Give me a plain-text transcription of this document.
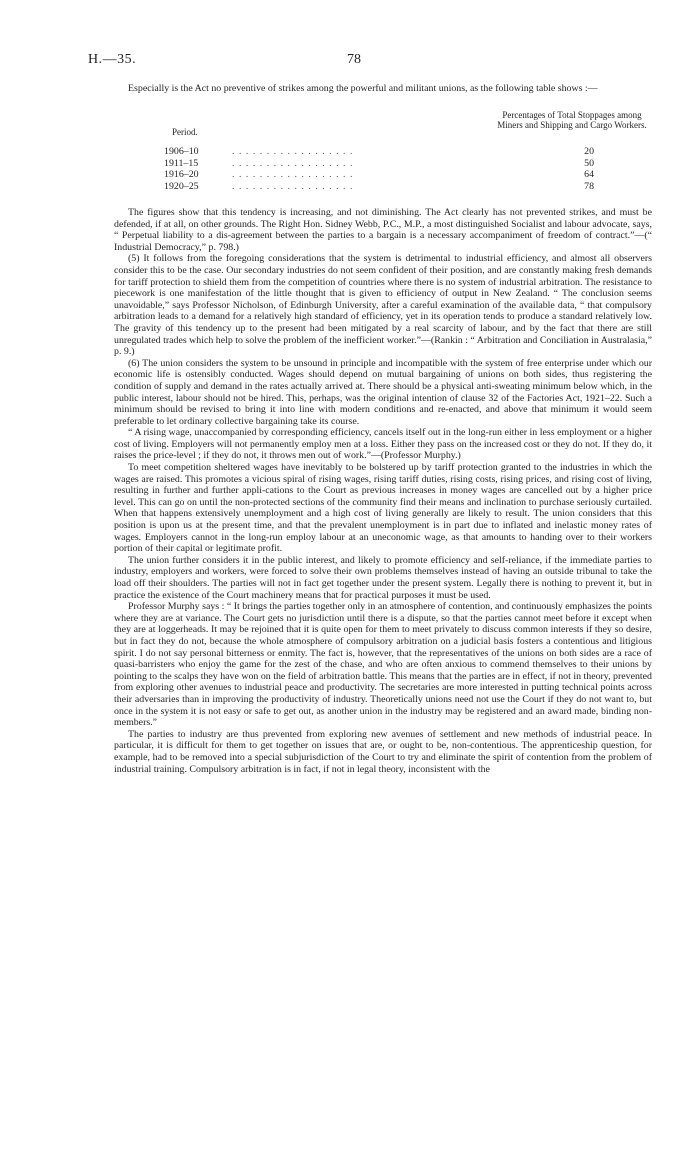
H.—35.	78

Especially is the Act no preventive of strikes among the powerful and militant unions, as the following table shows :—

Period.
Percentages of Total Stoppages among Miners and Shipping and Cargo Workers.
1906–10	. . . . . . . . . . . . . . . . . .	20
1911–15	. . . . . . . . . . . . . . . . . .	50
1916–20	. . . . . . . . . . . . . . . . . .	64
1920–25	. . . . . . . . . . . . . . . . . .	78

The figures show that this tendency is increasing, and not diminishing. The Act clearly has not prevented strikes, and must be defended, if at all, on other grounds. The Right Hon. Sidney Webb, P.C., M.P., a most distinguished Socialist and labour advocate, says, “ Perpetual liability to a dis-agreement between the parties to a bargain is a necessary accompaniment of freedom of contract.”—(“ Industrial Democracy,” p. 798.)

(5) It follows from the foregoing considerations that the system is detrimental to industrial efficiency, and almost all observers consider this to be the case. Our secondary industries do not seem confident of their position, and are constantly making fresh demands for tariff protection to shield them from the competition of countries where there is no system of industrial arbitration. The resistance to piecework is one manifestation of the little thought that is given to efficiency of output in New Zealand. “ The conclusion seems unavoidable,” says Professor Nicholson, of Edinburgh University, after a careful examination of the available data, “ that compulsory arbitration leads to a demand for a relatively high standard of efficiency, yet in its operation tends to produce a standard relatively low. The gravity of this tendency up to the present had been mitigated by a real scarcity of labour, and by the fact that there are still unregulated trades which help to solve the problem of the inefficient worker.”—(Rankin : “ Arbitration and Conciliation in Australasia,” p. 9.)

(6) The union considers the system to be unsound in principle and incompatible with the system of free enterprise under which our economic life is ostensibly conducted. Wages should depend on mutual bargaining of unions on both sides, thus registering the condition of supply and demand in the rates actually arrived at. There should be a physical anti-sweating minimum below which, in the public interest, labour should not be hired. This, perhaps, was the original intention of clause 32 of the Factories Act, 1921–22. Such a minimum should be revised to bring it into line with modern conditions and re-enacted, and above that minimum it would seem preferable to let ordinary collective bargaining take its course.

“ A rising wage, unaccompanied by corresponding efficiency, cancels itself out in the long-run either in less employment or a higher cost of living. Employers will not permanently employ men at a loss. Either they pass on the increased cost or they do not. If they do, it raises the price-level ; if they do not, it throws men out of work.”—(Professor Murphy.)

To meet competition sheltered wages have inevitably to be bolstered up by tariff protection granted to the industries in which the wages are raised. This promotes a vicious spiral of rising wages, rising tariff duties, rising costs, rising prices, and rising cost of living, resulting in further and further appli-cations to the Court as previous increases in money wages are cancelled out by a higher price level. This can go on until the non-protected sections of the community find their means and inclination to purchase seriously curtailed. When that happens extensively unemployment and a high cost of living generally are likely to result. The union considers that this position is upon us at the present time, and that the prevalent unemployment is in part due to inflated and inelastic money rates of wages. Employers cannot in the long-run employ labour at an uneconomic wage, as that amounts to handing over to their workers portion of their capital or legitimate profit.

The union further considers it in the public interest, and likely to promote efficiency and self-reliance, if the immediate parties to industry, employers and workers, were forced to solve their own problems themselves instead of having an outside tribunal to take the load off their shoulders. The parties will not in fact get together under the present system. Legally there is nothing to prevent it, but in practice the existence of the Court machinery means that for practical purposes it must be used.

Professor Murphy says : “ It brings the parties together only in an atmosphere of contention, and continuously emphasizes the points where they are at variance. The Court gets no jurisdiction until there is a dispute, so that the parties cannot meet before it except when they are at loggerheads. It may be rejoined that it is quite open for them to meet privately to discuss common interests if they so desire, but in fact they do not, because the whole atmosphere of compulsory arbitration on a judicial basis fosters a contentious and litigious spirit. I do not say personal bitterness or enmity. The fact is, however, that the representatives of the unions on both sides are a race of quasi-barristers who enjoy the game for the zest of the chase, and who are often anxious to commend themselves to their unions by pointing to the scalps they have won on the field of arbitration battle. This means that the parties are in effect, if not in theory, prevented from exploring other avenues to industrial peace and productivity. The secretaries are more interested in putting technical points across their adversaries than in improving the productivity of industry. Theoretically unions need not use the Court if they do not want to, but once in the system it is not easy or safe to get out, as another union in the industry may be registered and an award made, binding non-members.”

The parties to industry are thus prevented from exploring new avenues of settlement and new methods of industrial peace. In particular, it is difficult for them to get together on issues that are, or ought to be, non-contentious. The apprenticeship question, for example, had to be removed into a special subjurisdiction of the Court to try and eliminate the spirit of contention from the problem of industrial training. Compulsory arbitration is in fact, if not in legal theory, inconsistent with the
